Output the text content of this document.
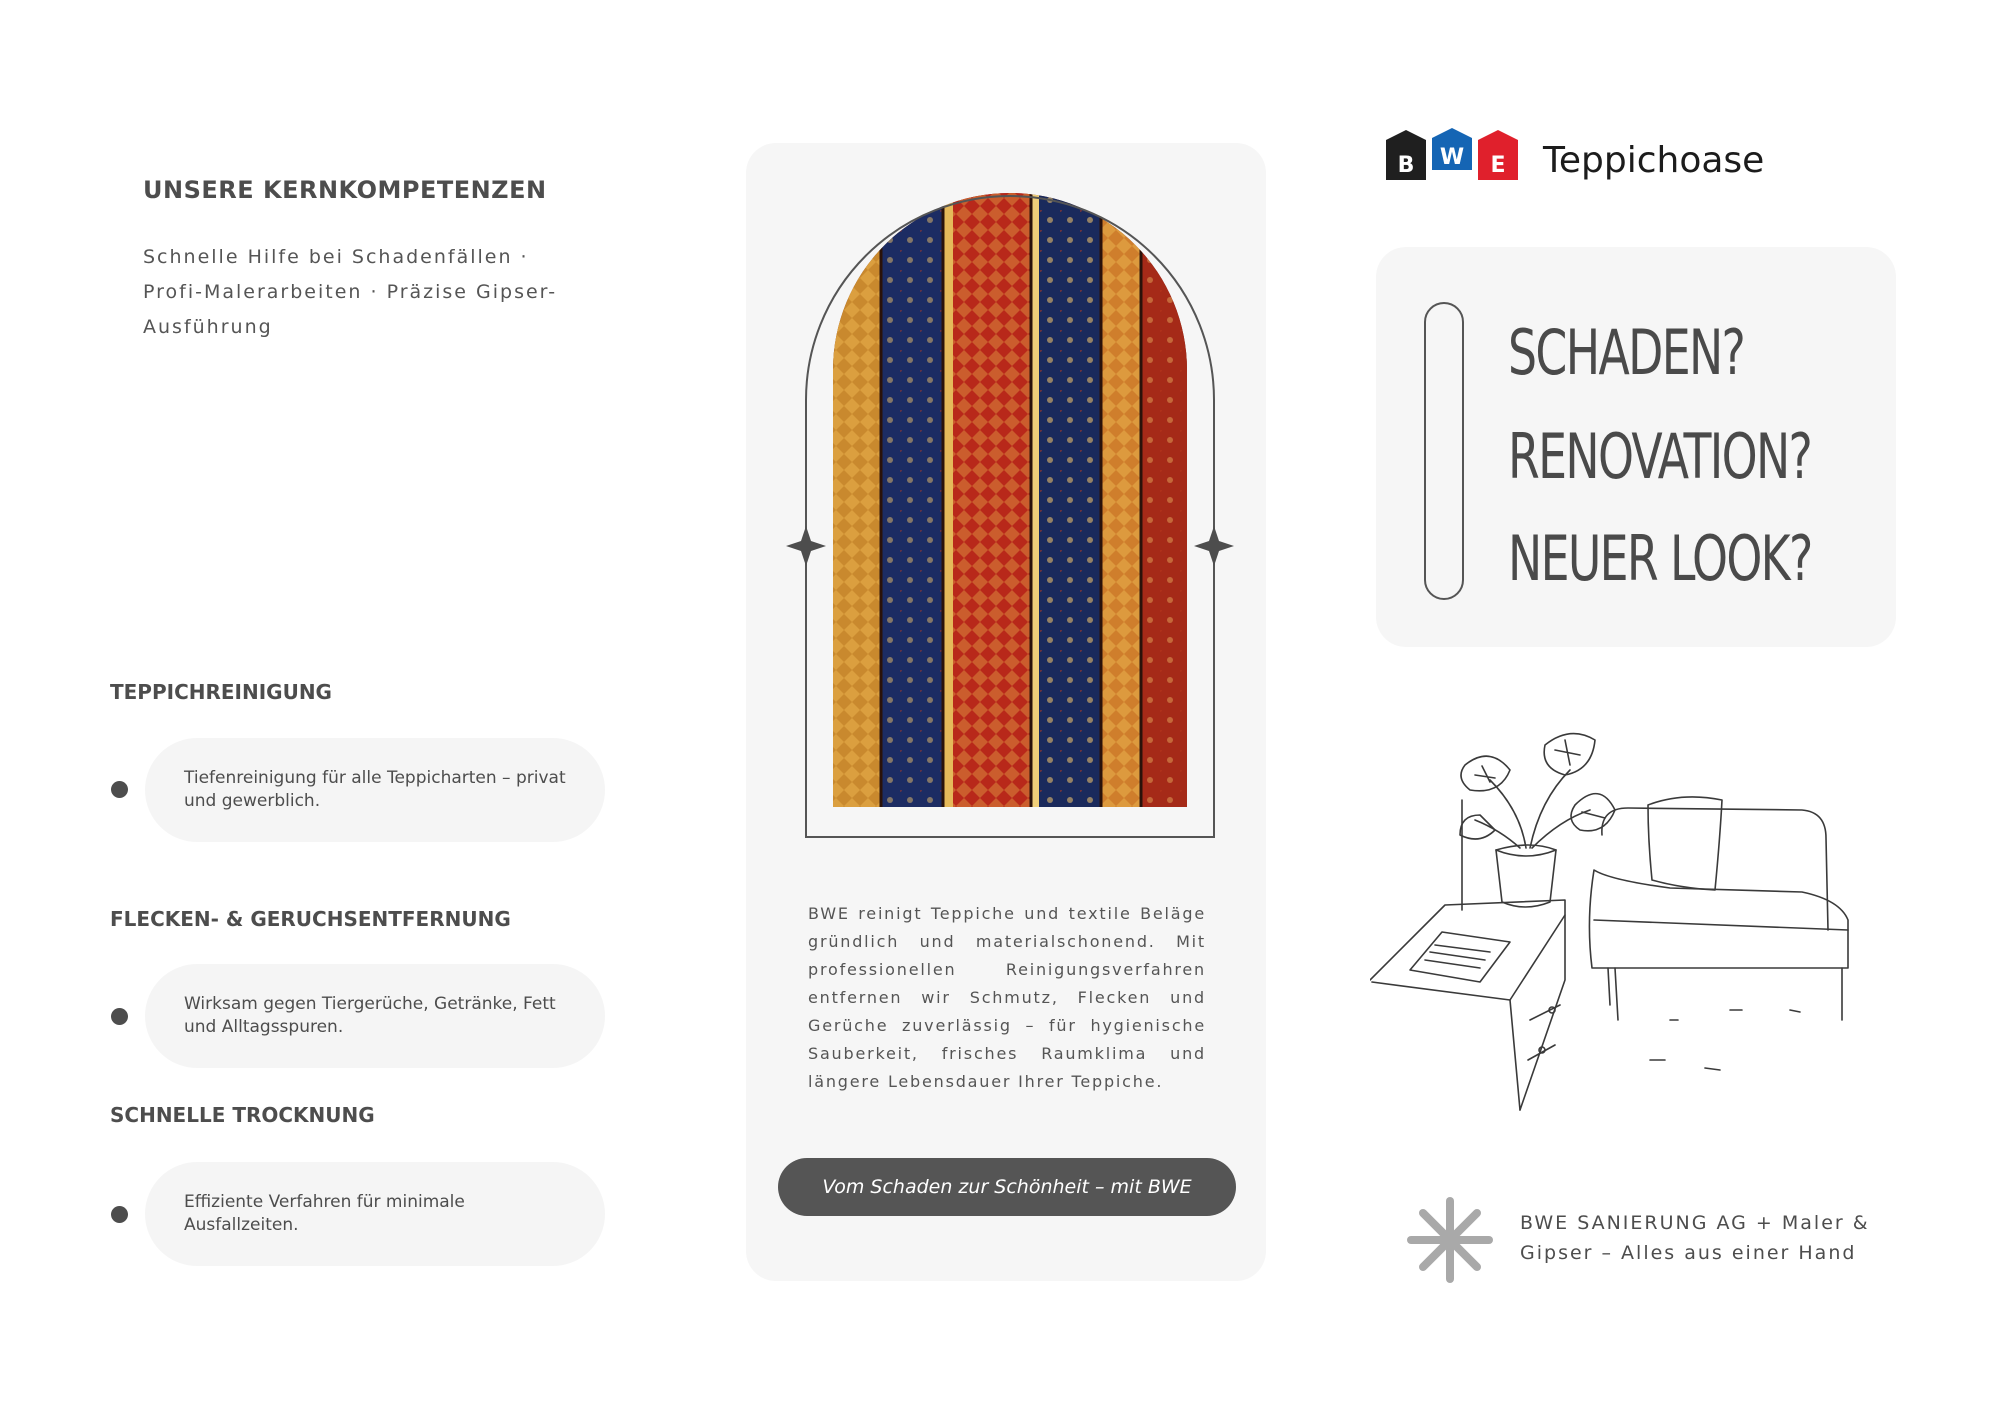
UNSERE KERNKOMPETENZEN
Schnelle Hilfe bei Schadenfällen · Profi-Malerarbeiten · Präzise Gipser-Ausführung
TEPPICHREINIGUNG
Tiefenreinigung für alle Teppicharten – privat und gewerblich.
FLECKEN- & GERUCHSENTFERNUNG
Wirksam gegen Tiergerüche, Getränke, Fett und Alltagsspuren.
SCHNELLE TROCKNUNG
Effiziente Verfahren für minimale Ausfallzeiten.
BWE reinigt Teppiche und textile Beläge gründlich und materialschonend. Mit professionellen Reinigungsverfahren entfernen wir Schmutz, Flecken und Gerüche zuverlässig – für hygienische Sauberkeit, frisches Raumklima und längere Lebensdauer Ihrer Teppiche.
Vom Schaden zur Schönheit – mit BWE
B W E Teppichoase
SCHADEN?
RENOVATION?
NEUER LOOK?
BWE SANIERUNG AG + Maler & Gipser – Alles aus einer Hand
